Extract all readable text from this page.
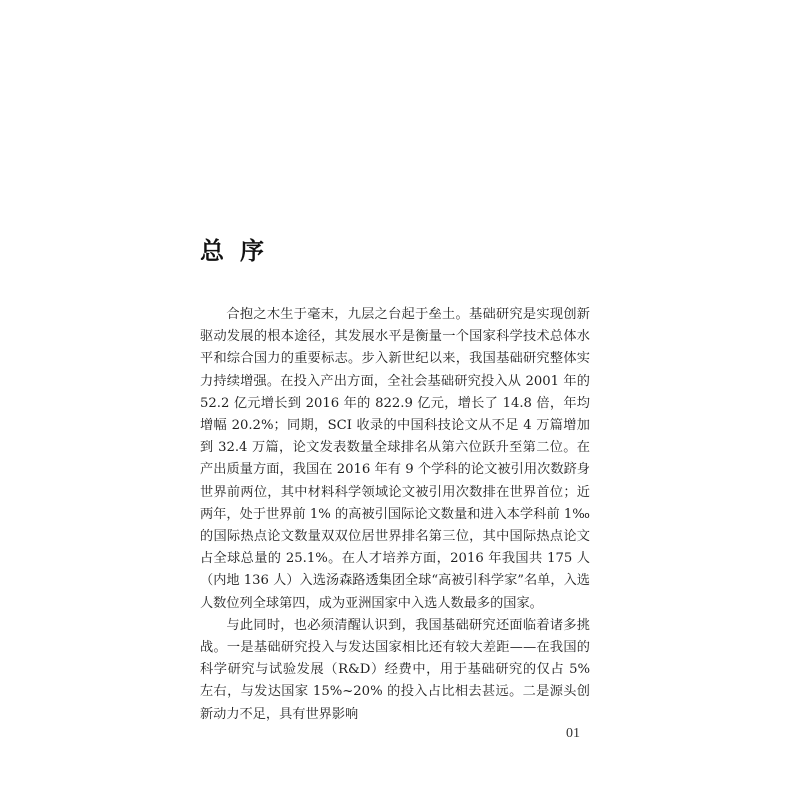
总序

合抱之木生于毫末，九层之台起于垒土。基础研究是实现创新驱动发展的根本途径，其发展水平是衡量一个国家科学技术总体水平和综合国力的重要标志。步入新世纪以来，我国基础研究整体实力持续增强。在投入产出方面，全社会基础研究投入从 2001 年的 52.2 亿元增长到 2016 年的 822.9 亿元，增长了 14.8 倍，年均增幅 20.2%；同期，SCI 收录的中国科技论文从不足 4 万篇增加到 32.4 万篇，论文发表数量全球排名从第六位跃升至第二位。在产出质量方面，我国在 2016 年有 9 个学科的论文被引用次数跻身世界前两位，其中材料科学领域论文被引用次数排在世界首位；近两年，处于世界前 1% 的高被引国际论文数量和进入本学科前 1‰ 的国际热点论文数量双双位居世界排名第三位，其中国际热点论文占全球总量的 25.1%。在人才培养方面，2016 年我国共 175 人（内地 136 人）入选汤森路透集团全球“高被引科学家”名单，入选人数位列全球第四，成为亚洲国家中入选人数最多的国家。

与此同时，也必须清醒认识到，我国基础研究还面临着诸多挑战。一是基础研究投入与发达国家相比还有较大差距——在我国的科学研究与试验发展（R&D）经费中，用于基础研究的仅占 5% 左右，与发达国家 15%~20% 的投入占比相去甚远。二是源头创新动力不足，具有世界影响

01
